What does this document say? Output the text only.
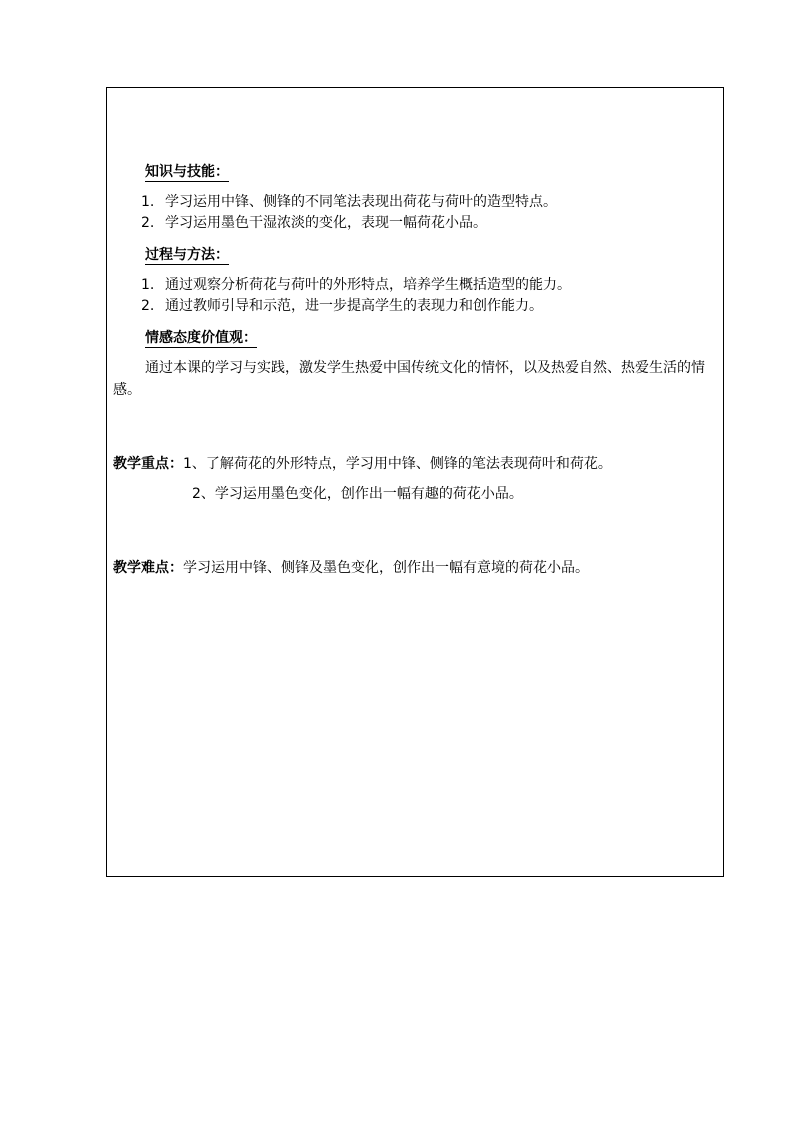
知识与技能：
1. 学习运用中锋、侧锋的不同笔法表现出荷花与荷叶的造型特点。
2. 学习运用墨色干湿浓淡的变化，表现一幅荷花小品。
过程与方法：
1. 通过观察分析荷花与荷叶的外形特点，培养学生概括造型的能力。
2. 通过教师引导和示范，进一步提高学生的表现力和创作能力。
情感态度价值观：
通过本课的学习与实践，激发学生热爱中国传统文化的情怀，以及热爱自然、热爱生活的情感。
教学重点：1、了解荷花的外形特点，学习用中锋、侧锋的笔法表现荷叶和荷花。
2、学习运用墨色变化，创作出一幅有趣的荷花小品。
教学难点：学习运用中锋、侧锋及墨色变化，创作出一幅有意境的荷花小品。
